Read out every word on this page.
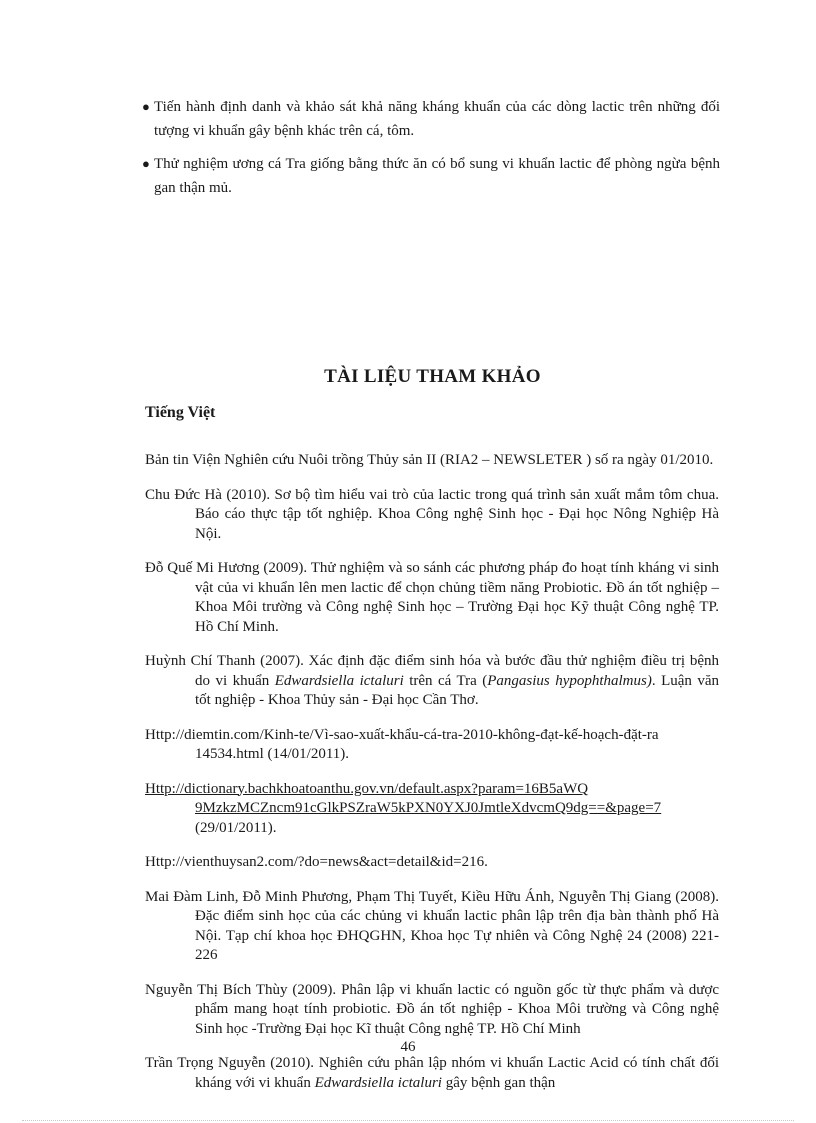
● Tiến hành định danh và khảo sát khả năng kháng khuẩn của các dòng lactic trên những đối tượng vi khuẩn gây bệnh khác trên cá, tôm.
● Thử nghiệm ương cá Tra giống bằng thức ăn có bổ sung vi khuẩn lactic để phòng ngừa bệnh gan thận mủ.
TÀI LIỆU THAM KHẢO
Tiếng Việt

Bản tin Viện Nghiên cứu Nuôi trồng Thủy sản II (RIA2 – NEWSLETER ) số ra ngày 01/2010.

Chu Đức Hà (2010). Sơ bộ tìm hiểu vai trò của lactic trong quá trình sản xuất mắm tôm chua. Báo cáo thực tập tốt nghiệp. Khoa Công nghệ Sinh học - Đại học Nông Nghiệp Hà Nội.

Đỗ Quế Mi Hương (2009). Thử nghiệm và so sánh các phương pháp đo hoạt tính kháng vi sinh vật của vi khuẩn lên men lactic để chọn chủng tiềm năng Probiotic. Đồ án tốt nghiệp – Khoa Môi trường và Công nghệ Sinh học – Trường Đại học Kỹ thuật Công nghệ TP. Hồ Chí Minh.

Huỳnh Chí Thanh (2007). Xác định đặc điểm sinh hóa và bước đầu thử nghiệm điều trị bệnh do vi khuẩn Edwardsiella ictaluri trên cá Tra (Pangasius hypophthalmus). Luận văn tốt nghiệp - Khoa Thủy sản - Đại học Cần Thơ.

Http://diemtin.com/Kinh-te/Vì-sao-xuất-khẩu-cá-tra-2010-không-đạt-kế-hoạch-đặt-ra 14534.html (14/01/2011).

Http://dictionary.bachkhoatoanthu.gov.vn/default.aspx?param=16B5aWQ 9MzkzMCZncm91cGlkPSZraW5kPXN0YXJ0JmtleXdvcmQ9dg==&page=7 (29/01/2011).

Http://vienthuysan2.com/?do=news&act=detail&id=216.

Mai Đàm Linh, Đỗ Minh Phương, Phạm Thị Tuyết, Kiều Hữu Ánh, Nguyễn Thị Giang (2008). Đặc điểm sinh học của các chủng vi khuẩn lactic phân lập trên địa bàn thành phố Hà Nội. Tạp chí khoa học ĐHQGHN, Khoa học Tự nhiên và Công Nghệ 24 (2008) 221-226

Nguyễn Thị Bích Thùy (2009). Phân lập vi khuẩn lactic có nguồn gốc từ thực phẩm và dược phẩm mang hoạt tính probiotic. Đồ án tốt nghiệp - Khoa Môi trường và Công nghệ Sinh học -Trường Đại học Kĩ thuật Công nghệ TP. Hồ Chí Minh

Trần Trọng Nguyễn (2010). Nghiên cứu phân lập nhóm vi khuẩn Lactic Acid có tính chất đối kháng với vi khuẩn Edwardsiella ictaluri gây bệnh gan thận

46
